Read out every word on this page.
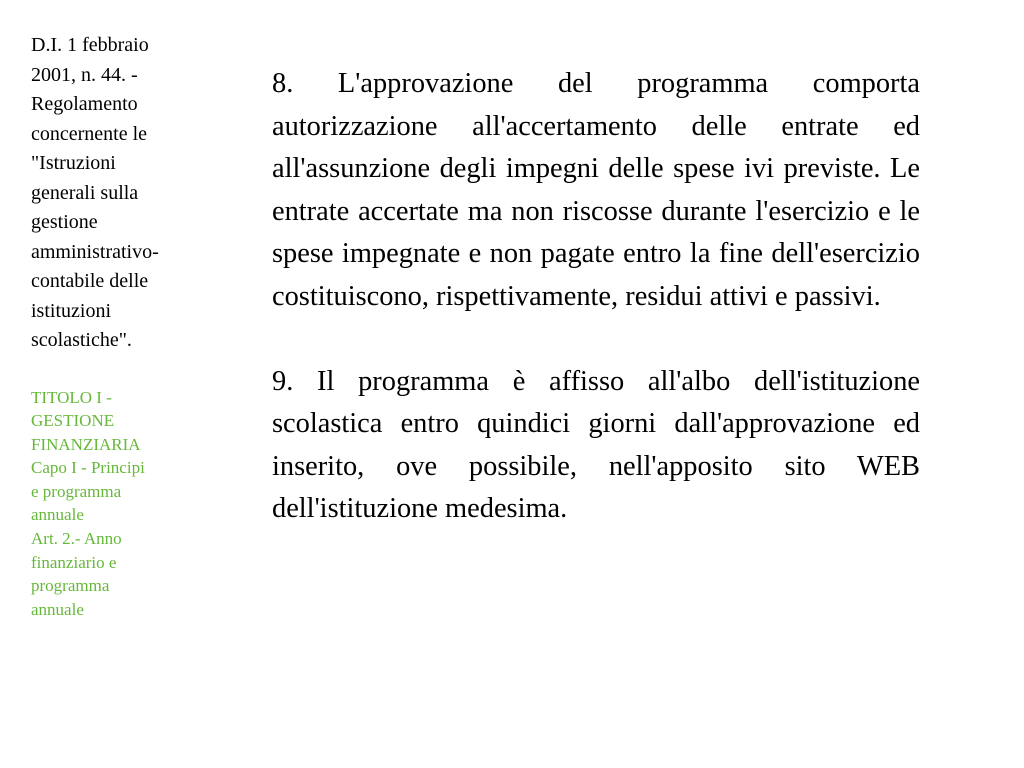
D.I. 1 febbraio
2001, n. 44. -
Regolamento
concernente le
"Istruzioni
generali sulla
gestione
amministrativo-
contabile delle
istituzioni
scolastiche".

TITOLO I -
GESTIONE
FINANZIARIA
Capo I - Principi
e programma
annuale
Art. 2.- Anno
finanziario e
programma
annuale

8. L'approvazione del programma comporta autorizzazione all'accertamento delle entrate ed all'assunzione degli impegni delle spese ivi previste. Le entrate accertate ma non riscosse durante l'esercizio e le spese impegnate e non pagate entro la fine dell'esercizio costituiscono, rispettivamente, residui attivi e passivi.

9. Il programma è affisso all'albo dell'istituzione scolastica entro quindici giorni dall'approvazione ed inserito, ove possibile, nell'apposito sito WEB dell'istituzione medesima.
